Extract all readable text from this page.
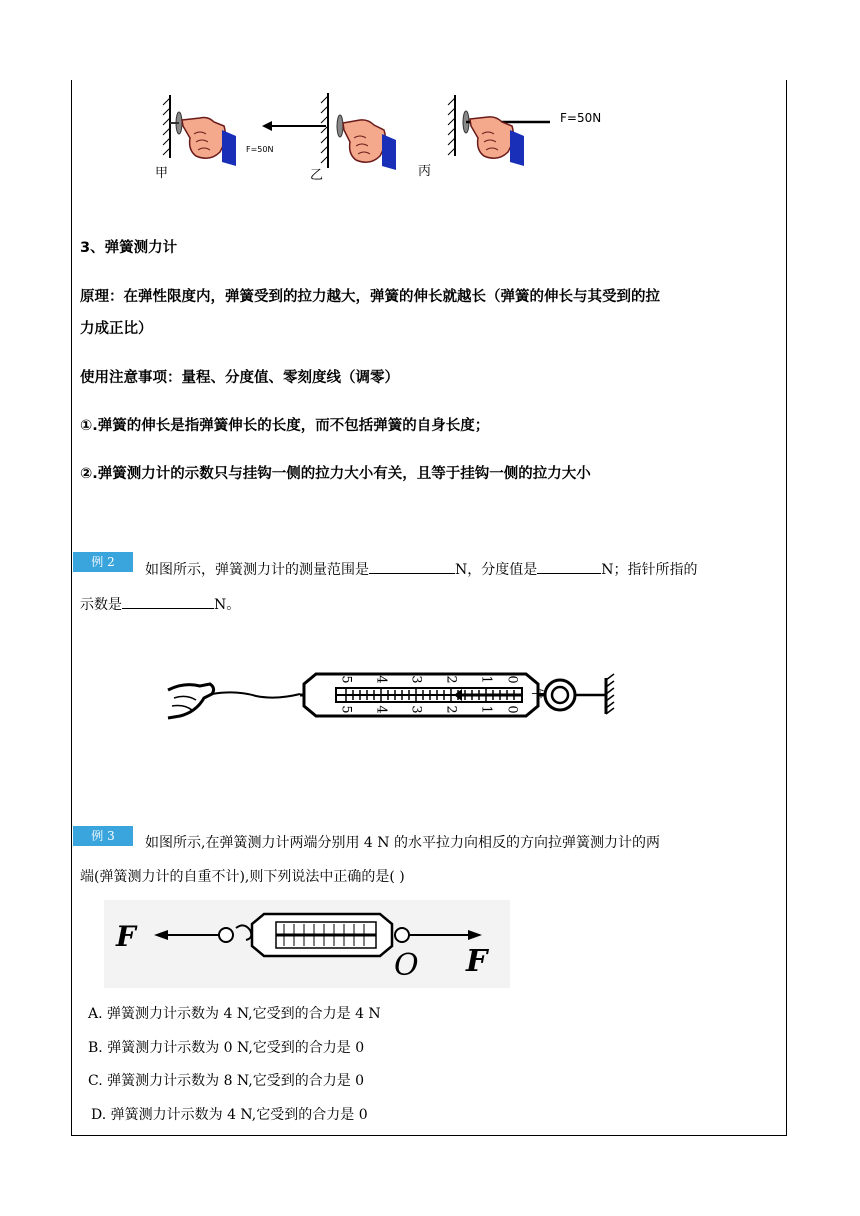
甲	乙	丙
F=50N
F=50N
3、弹簧测力计
原理：在弹性限度内，弹簧受到的拉力越大，弹簧的伸长就越长（弹簧的伸长与其受到的拉
力成正比）
使用注意事项：量程、分度值、零刻度线（调零）
①.弹簧的伸长是指弹簧伸长的长度，而不包括弹簧的自身长度；
②.弹簧测力计的示数只与挂钩一侧的拉力大小有关，且等于挂钩一侧的拉力大小
例 2	如图所示，弹簧测力计的测量范围是	N，分度值是	N；指针所指的
示数是	N。
5 4 3 2 1 0
5 4 3 2 1 0
牛
例 3	如图所示,在弹簧测力计两端分别用 4 N 的水平拉力向相反的方向拉弹簧测力计的两
端(弹簧测力计的自重不计),则下列说法中正确的是( )
F
O F
A. 弹簧测力计示数为 4 N,它受到的合力是 4 N
B. 弹簧测力计示数为 0 N,它受到的合力是 0
C. 弹簧测力计示数为 8 N,它受到的合力是 0
D. 弹簧测力计示数为 4 N,它受到的合力是 0
